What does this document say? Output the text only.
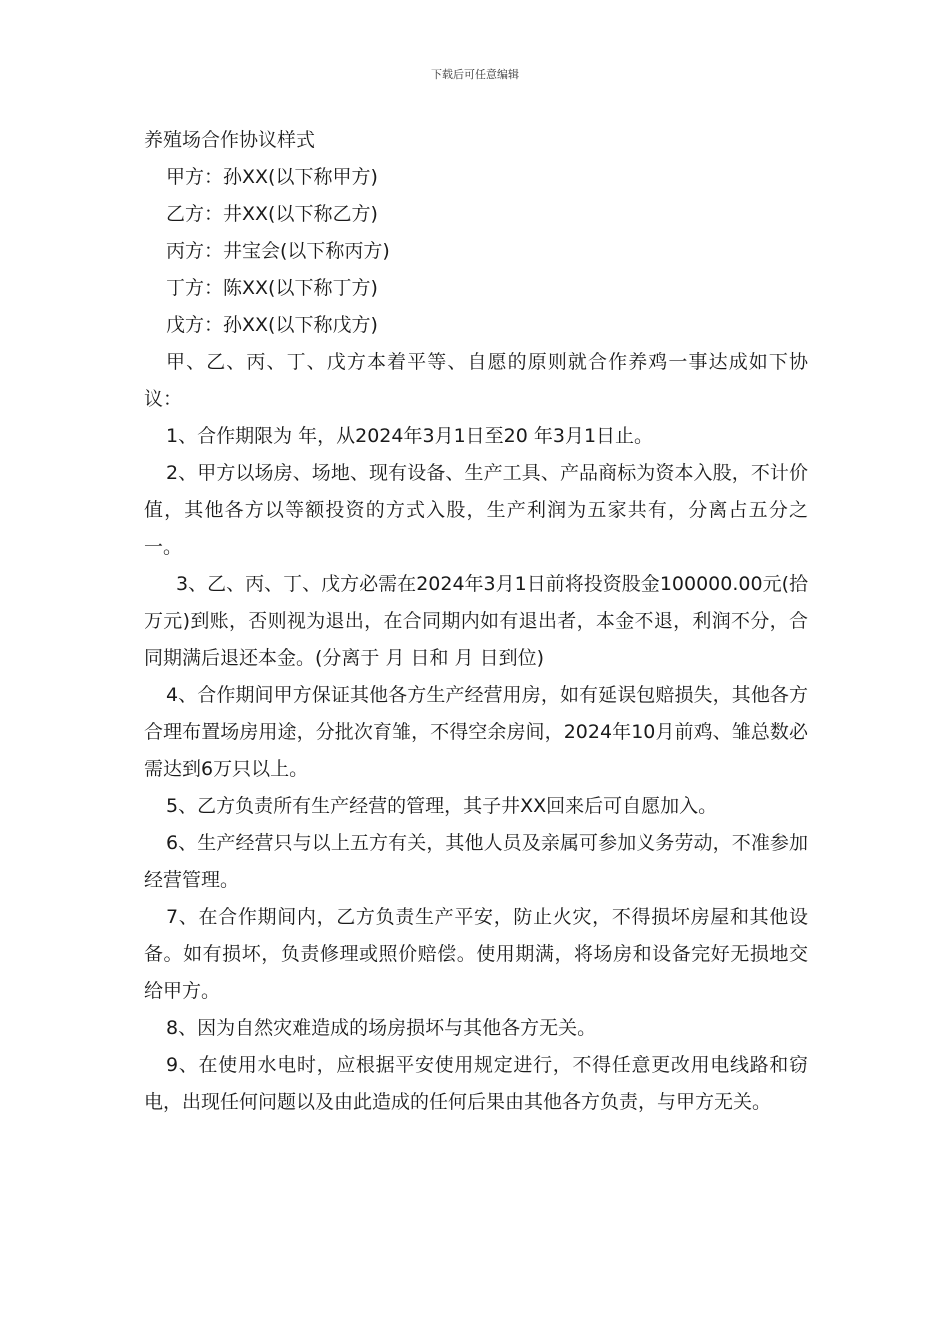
下载后可任意编辑
养殖场合作协议样式
甲方：孙XX(以下称甲方)
乙方：井XX(以下称乙方)
丙方：井宝会(以下称丙方)
丁方：陈XX(以下称丁方)
戊方：孙XX(以下称戊方)
甲、乙、丙、丁、戊方本着平等、自愿的原则就合作养鸡一事达成如下协议：
1、合作期限为 年，从2024年3月1日至20 年3月1日止。
2、甲方以场房、场地、现有设备、生产工具、产品商标为资本入股，不计价值，其他各方以等额投资的方式入股，生产利润为五家共有，分离占五分之一。
3、乙、丙、丁、戊方必需在2024年3月1日前将投资股金100000.00元(拾万元)到账，否则视为退出，在合同期内如有退出者，本金不退，利润不分，合同期满后退还本金。(分离于 月 日和 月 日到位)
4、合作期间甲方保证其他各方生产经营用房，如有延误包赔损失，其他各方合理布置场房用途，分批次育雏，不得空余房间，2024年10月前鸡、雏总数必需达到6万只以上。
5、乙方负责所有生产经营的管理，其子井XX回来后可自愿加入。
6、生产经营只与以上五方有关，其他人员及亲属可参加义务劳动，不准参加经营管理。
7、在合作期间内，乙方负责生产平安，防止火灾，不得损坏房屋和其他设备。如有损坏，负责修理或照价赔偿。使用期满，将场房和设备完好无损地交给甲方。
8、因为自然灾难造成的场房损坏与其他各方无关。
9、在使用水电时，应根据平安使用规定进行，不得任意更改用电线路和窃电，出现任何问题以及由此造成的任何后果由其他各方负责，与甲方无关。
